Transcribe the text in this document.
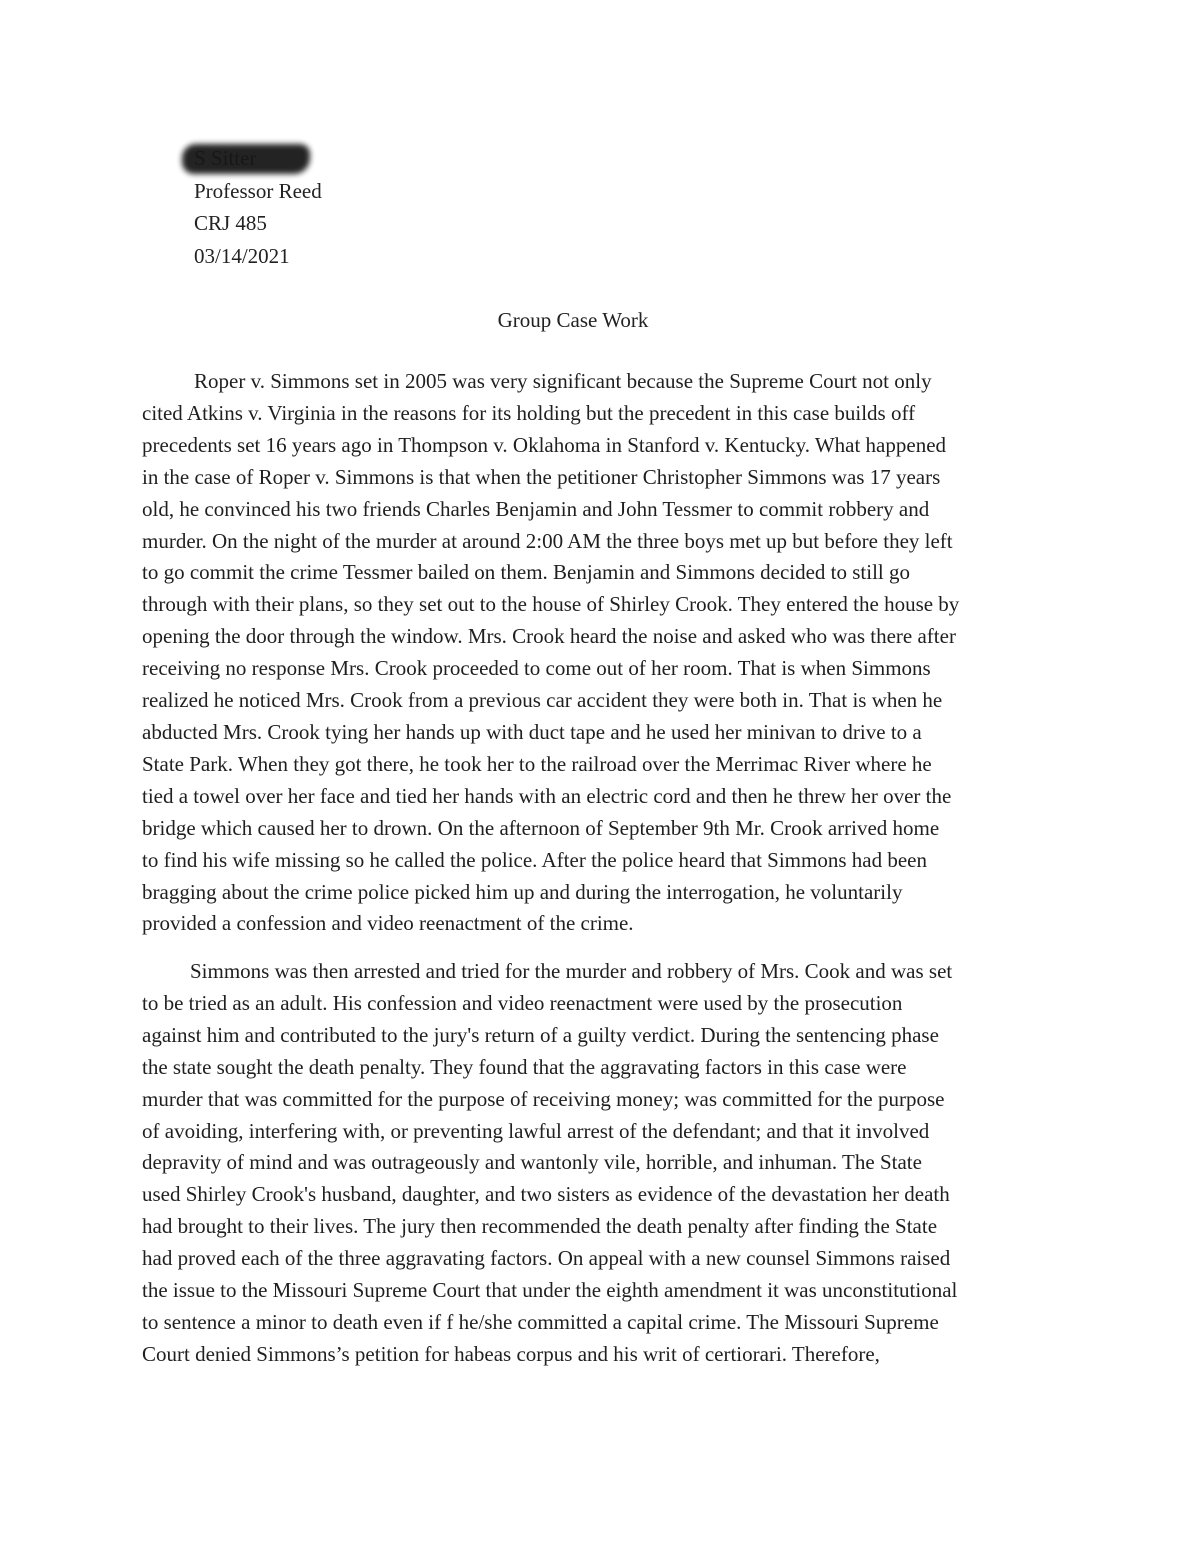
Professor Reed
CRJ 485
03/14/2021
Group Case Work
Roper v. Simmons set in 2005 was very significant because the Supreme Court not only
cited Atkins v. Virginia in the reasons for its holding but the precedent in this case builds off
precedents set 16 years ago in Thompson v. Oklahoma in Stanford v. Kentucky. What happened
in the case of Roper v. Simmons is that when the petitioner Christopher Simmons was 17 years
old, he convinced his two friends Charles Benjamin and John Tessmer to commit robbery and
murder. On the night of the murder at around 2:00 AM the three boys met up but before they left
to go commit the crime Tessmer bailed on them. Benjamin and Simmons decided to still go
through with their plans, so they set out to the house of Shirley Crook. They entered the house by
opening the door through the window. Mrs. Crook heard the noise and asked who was there after
receiving no response Mrs. Crook proceeded to come out of her room. That is when Simmons
realized he noticed Mrs. Crook from a previous car accident they were both in. That is when he
abducted Mrs. Crook tying her hands up with duct tape and he used her minivan to drive to a
State Park. When they got there, he took her to the railroad over the Merrimac River where he
tied a towel over her face and tied her hands with an electric cord and then he threw her over the
bridge which caused her to drown. On the afternoon of September 9th Mr. Crook arrived home
to find his wife missing so he called the police. After the police heard that Simmons had been
bragging about the crime police picked him up and during the interrogation, he voluntarily
provided a confession and video reenactment of the crime.
Simmons was then arrested and tried for the murder and robbery of Mrs. Cook and was set
to be tried as an adult. His confession and video reenactment were used by the prosecution
against him and contributed to the jury's return of a guilty verdict. During the sentencing phase
the state sought the death penalty. They found that the aggravating factors in this case were
murder that was committed for the purpose of receiving money; was committed for the purpose
of avoiding, interfering with, or preventing lawful arrest of the defendant; and that it involved
depravity of mind and was outrageously and wantonly vile, horrible, and inhuman. The State
used Shirley Crook's husband, daughter, and two sisters as evidence of the devastation her death
had brought to their lives. The jury then recommended the death penalty after finding the State
had proved each of the three aggravating factors. On appeal with a new counsel Simmons raised
the issue to the Missouri Supreme Court that under the eighth amendment it was unconstitutional
to sentence a minor to death even if f he/she committed a capital crime. The Missouri Supreme
Court denied Simmons’s petition for habeas corpus and his writ of certiorari. Therefore,
